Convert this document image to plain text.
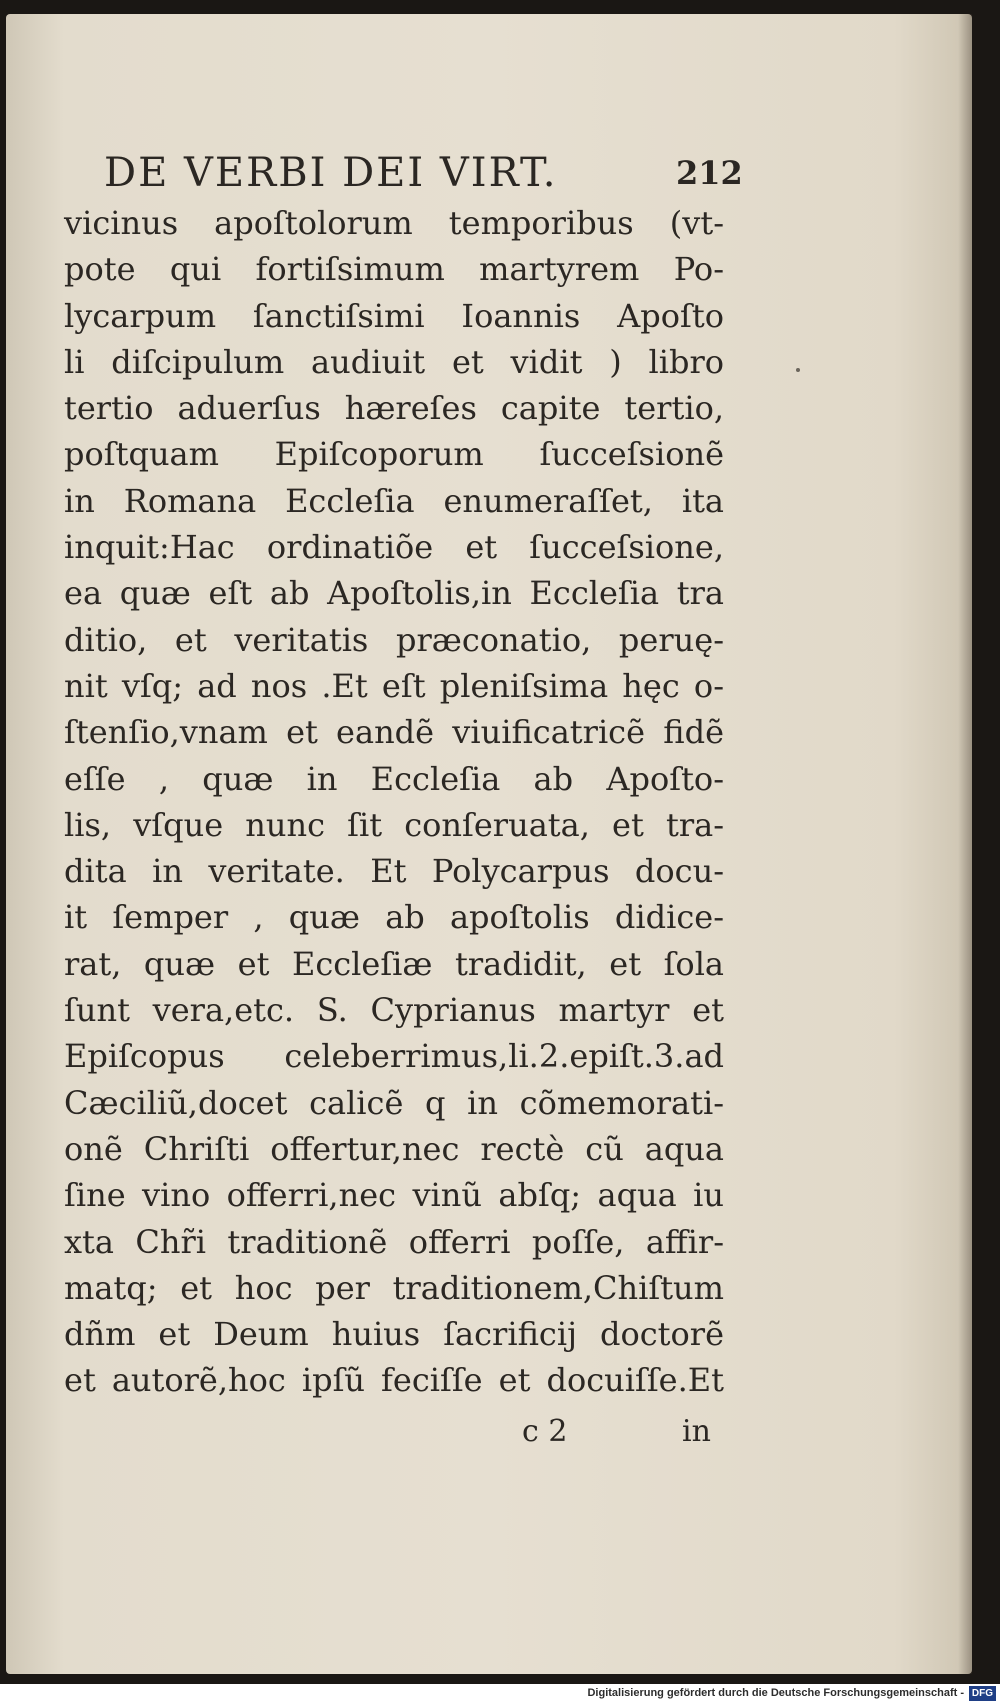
DE VERBI DEI VIRT.	212
vicinus apoſtolorum temporibus (vt-
pote qui fortiſsimum martyrem Po-
lycarpum ſanctiſsimi Ioannis Apoſto
li diſcipulum audiuit et vidit ) libro
tertio aduerſus hæreſes capite tertio,
poſtquam Epiſcoporum ſucceſsionẽ
in Romana Eccleſia enumeraſſet, ita
inquit:Hac ordinatiõe et ſucceſsione,
ea quæ eſt ab Apoſtolis,in Eccleſia tra
ditio, et veritatis præconatio, peruę-
nit vſq; ad nos .Et eſt pleniſsima hęc o-
ſtenſio,vnam et eandẽ viuificatricẽ fidẽ
eſſe , quæ in Eccleſia ab Apoſto-
lis, vſque nunc ſit conſeruata, et tra-
dita in veritate. Et Polycarpus docu-
it ſemper , quæ ab apoſtolis didice-
rat, quæ et Eccleſiæ tradidit, et ſola
ſunt vera,etc. S. Cyprianus martyr et
Epiſcopus celeberrimus,li.2.epiſt.3.ad
Cæciliũ,docet calicẽ q in cõmemorati-
onẽ Chriſti offertur,nec rectè cũ aqua
ſine vino offerri,nec vinũ abſq; aqua iu
xta Chr̃i traditionẽ offerri poſſe, affir-
matq; et hoc per traditionem,Chiſtum
dñm et Deum huius ſacrificij doctorẽ
et autorẽ,hoc ipſũ feciſſe et docuiſſe.Et
c 2	in
Digitalisierung gefördert durch die Deutsche Forschungsgemeinschaft - DFG
